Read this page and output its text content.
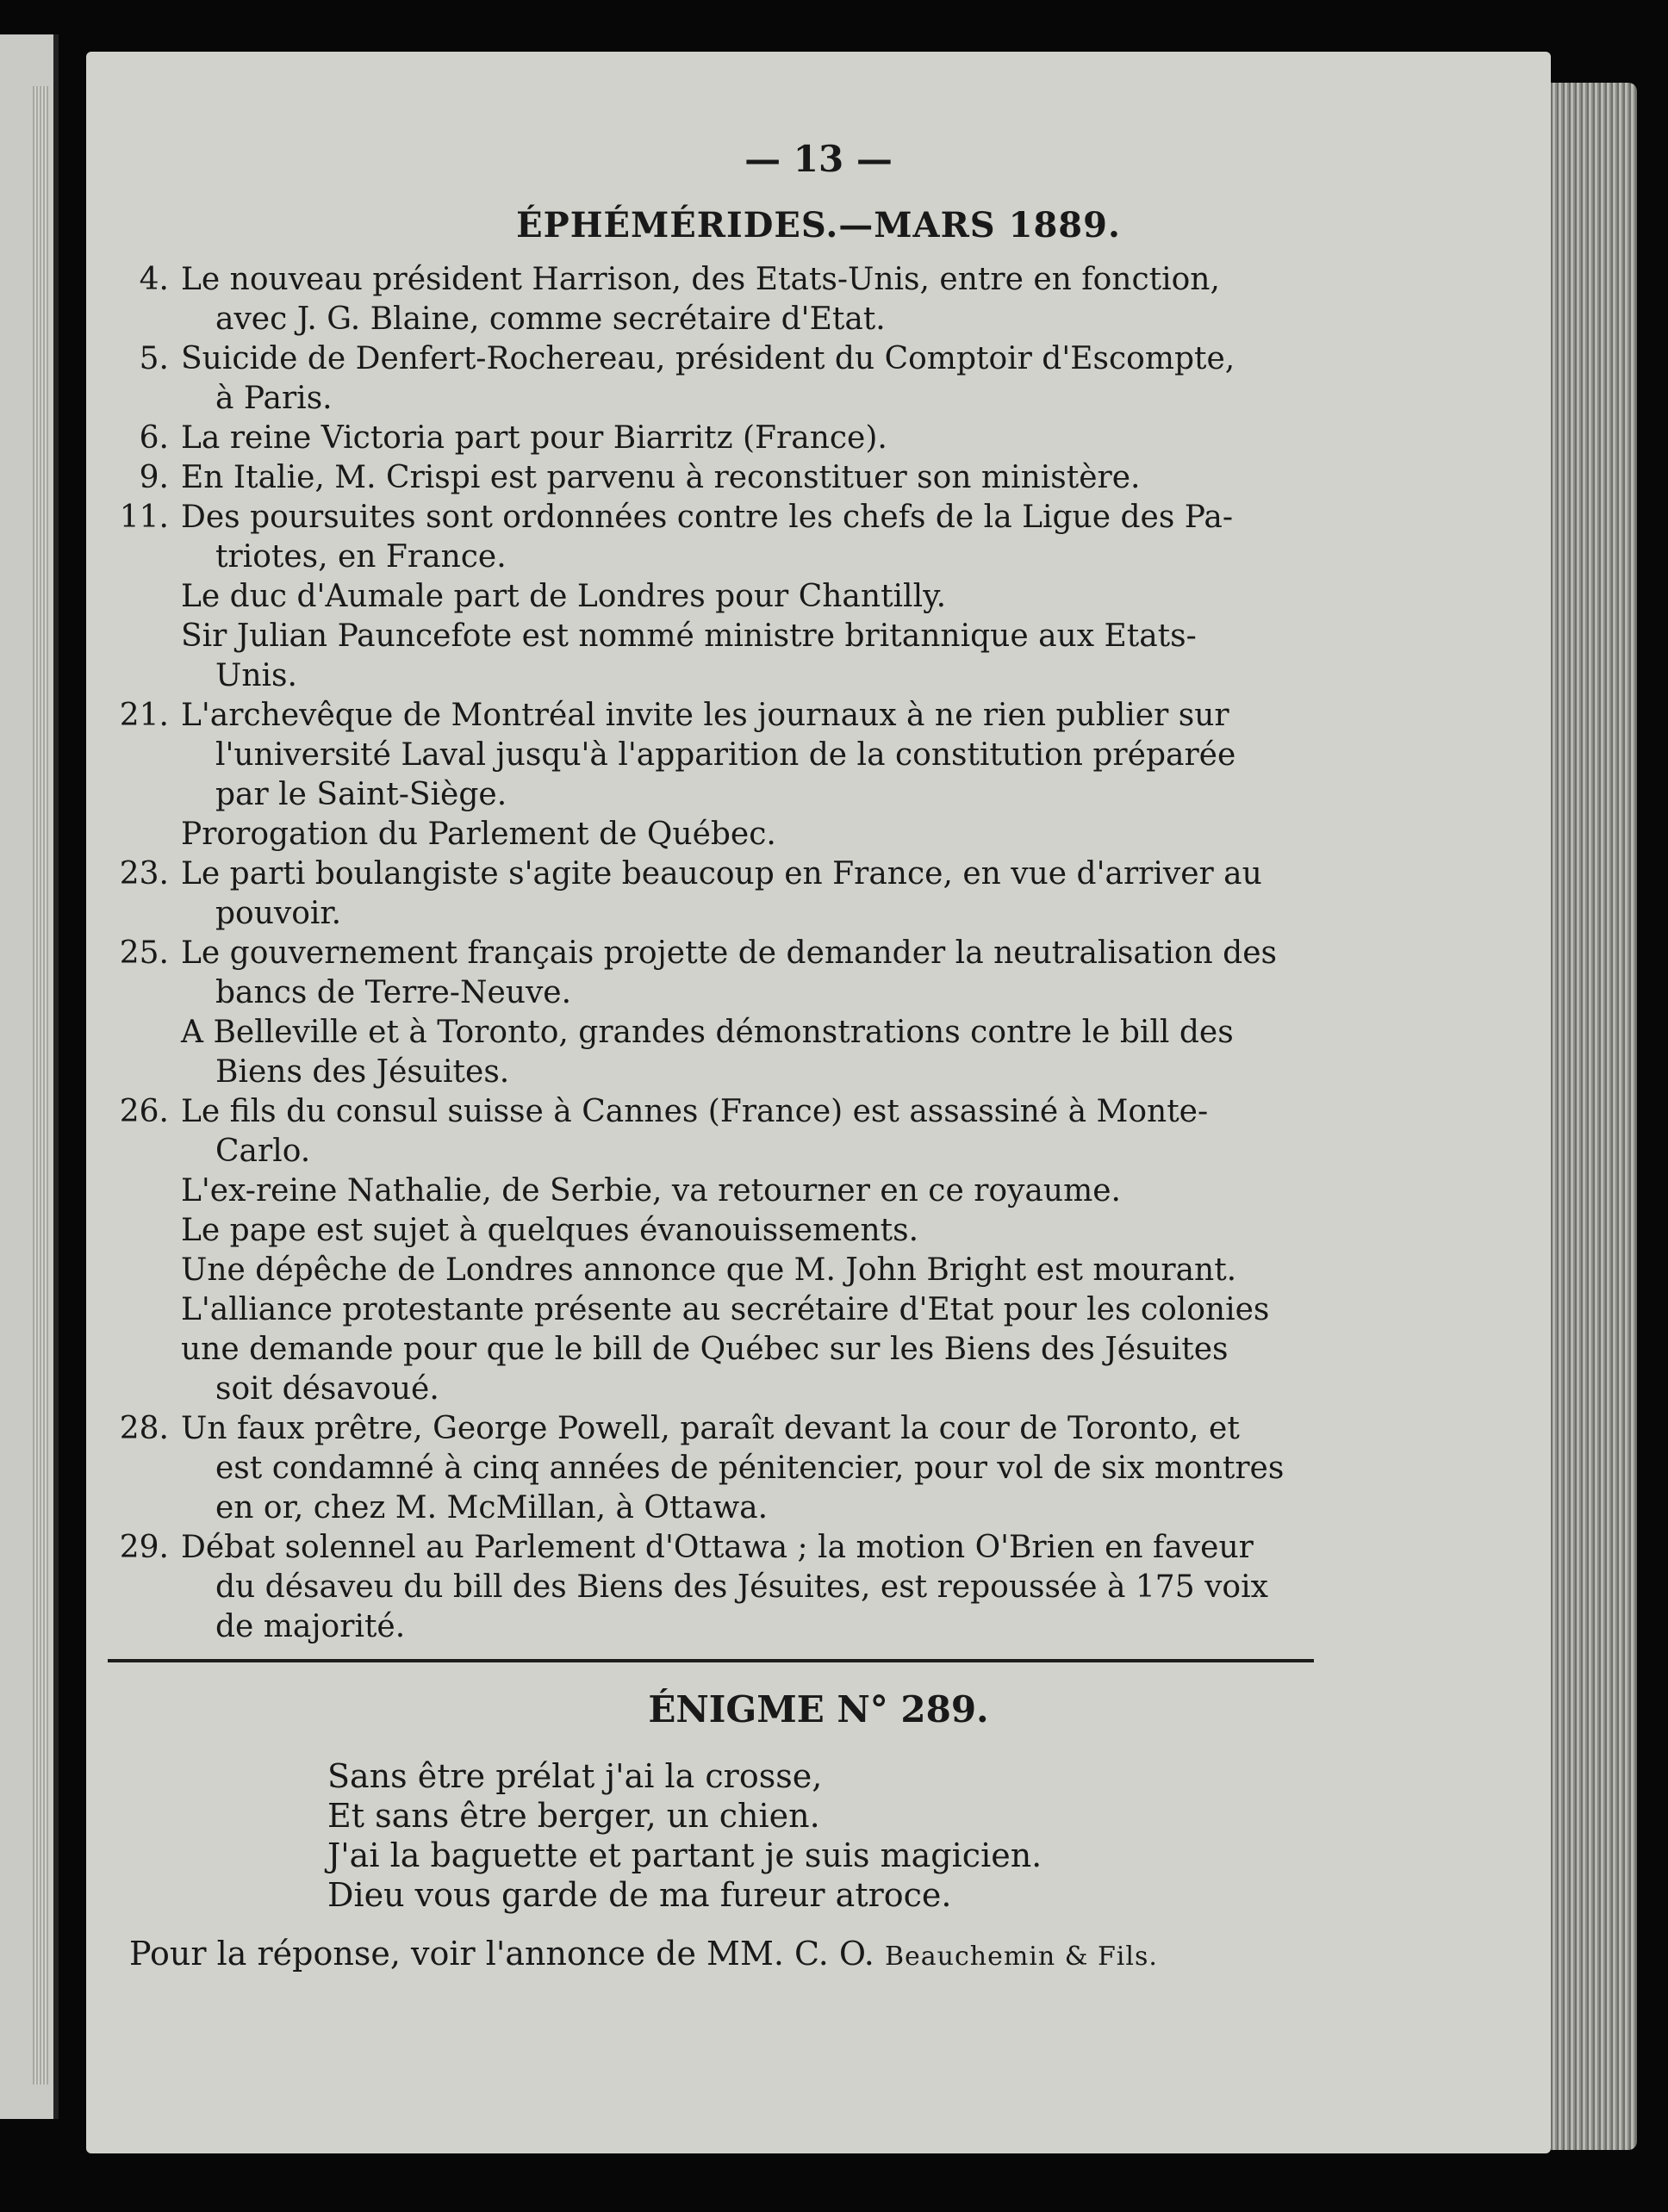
— 13 —
ÉPHÉMÉRIDES.—MARS 1889.
4. Le nouveau président Harrison, des Etats-Unis, entre en fonction,
avec J. G. Blaine, comme secrétaire d'Etat.
5. Suicide de Denfert-Rochereau, président du Comptoir d'Escompte,
à Paris.
6. La reine Victoria part pour Biarritz (France).
9. En Italie, M. Crispi est parvenu à reconstituer son ministère.
11. Des poursuites sont ordonnées contre les chefs de la Ligue des Pa-
triotes, en France.
Le duc d'Aumale part de Londres pour Chantilly.
Sir Julian Pauncefote est nommé ministre britannique aux Etats-
Unis.
21. L'archevêque de Montréal invite les journaux à ne rien publier sur
l'université Laval jusqu'à l'apparition de la constitution préparée
par le Saint-Siège.
Prorogation du Parlement de Québec.
23. Le parti boulangiste s'agite beaucoup en France, en vue d'arriver au
pouvoir.
25. Le gouvernement français projette de demander la neutralisation des
bancs de Terre-Neuve.
A Belleville et à Toronto, grandes démonstrations contre le bill des
Biens des Jésuites.
26. Le fils du consul suisse à Cannes (France) est assassiné à Monte-
Carlo.
L'ex-reine Nathalie, de Serbie, va retourner en ce royaume.
Le pape est sujet à quelques évanouissements.
Une dépêche de Londres annonce que M. John Bright est mourant.
L'alliance protestante présente au secrétaire d'Etat pour les colonies
une demande pour que le bill de Québec sur les Biens des Jésuites
soit désavoué.
28. Un faux prêtre, George Powell, paraît devant la cour de Toronto, et
est condamné à cinq années de pénitencier, pour vol de six montres
en or, chez M. McMillan, à Ottawa.
29. Débat solennel au Parlement d'Ottawa ; la motion O'Brien en faveur
du désaveu du bill des Biens des Jésuites, est repoussée à 175 voix
de majorité.
ÉNIGME N° 289.
Sans être prélat j'ai la crosse,
Et sans être berger, un chien.
J'ai la baguette et partant je suis magicien.
Dieu vous garde de ma fureur atroce.
Pour la réponse, voir l'annonce de MM. C. O. Beauchemin & Fils.
